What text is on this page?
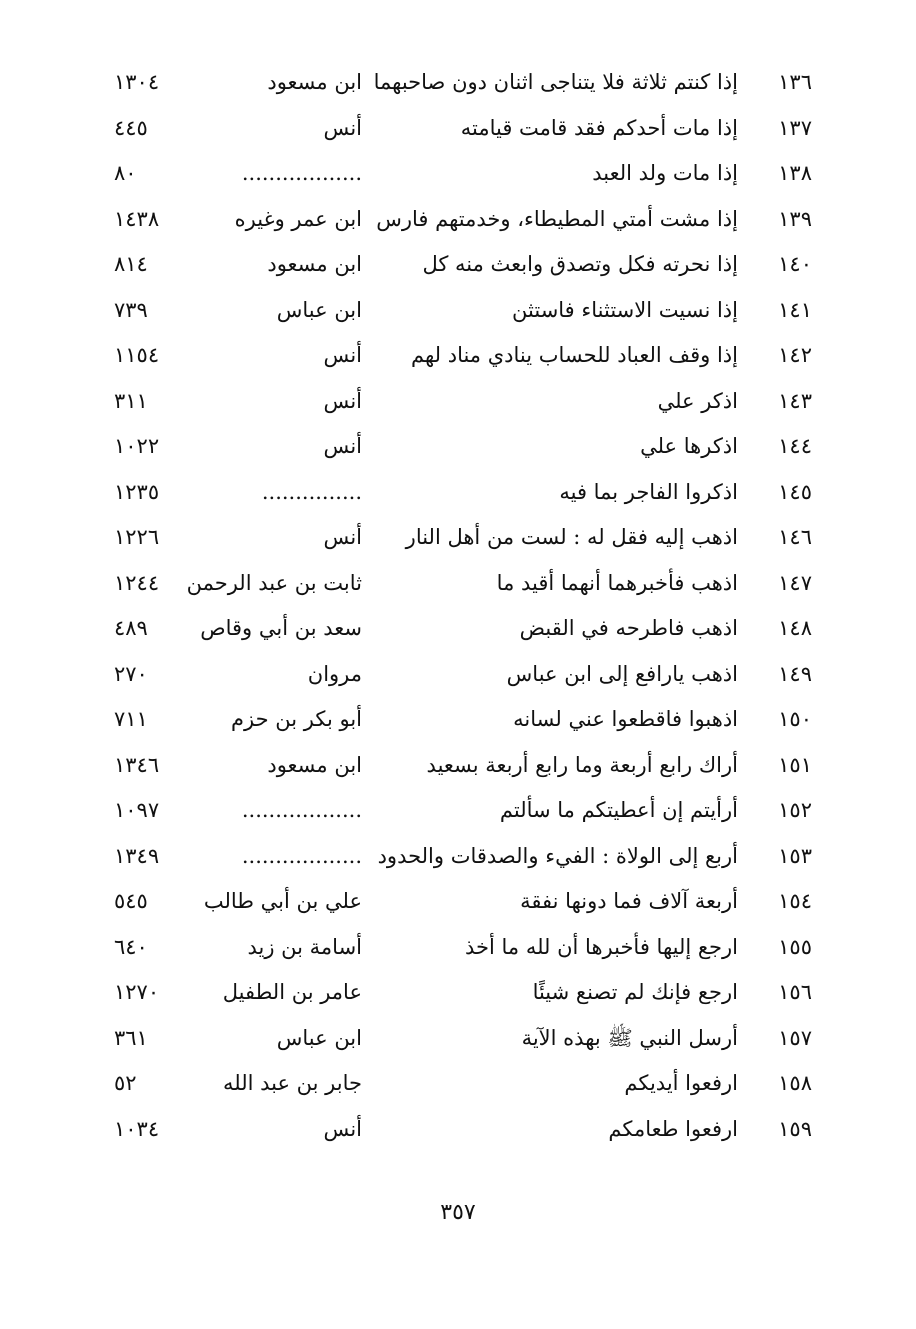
١٣٦
إذا كنتم ثلاثة فلا يتناجى اثنان دون صاحبهما
ابن مسعود
١٣٠٤
١٣٧
إذا مات أحدكم فقد قامت قيامته
أنس
٤٤٥
١٣٨
إذا مات ولد العبد
..................
٨٠
١٣٩
إذا مشت أمتي المطيطاء، وخدمتهم فارس
ابن عمر وغيره
١٤٣٨
١٤٠
إذا نحرته فكل وتصدق وابعث منه كل
ابن مسعود
٨١٤
١٤١
إذا نسيت الاستثناء فاستثن
ابن عباس
٧٣٩
١٤٢
إذا وقف العباد للحساب ينادي مناد لهم
أنس
١١٥٤
١٤٣
اذكر علي
أنس
٣١١
١٤٤
اذكرها علي
أنس
١٠٢٢
١٤٥
اذكروا الفاجر بما فيه
...............
١٢٣٥
١٤٦
اذهب إليه فقل له : لست من أهل النار
أنس
١٢٢٦
١٤٧
اذهب فأخبرهما أنهما أقيد ما
ثابت بن عبد الرحمن
١٢٤٤
١٤٨
اذهب فاطرحه في القبض
سعد بن أبي وقاص
٤٨٩
١٤٩
اذهب يارافع إلى ابن عباس
مروان
٢٧٠
١٥٠
اذهبوا فاقطعوا عني لسانه
أبو بكر بن حزم
٧١١
١٥١
أراك رابع أربعة وما رابع أربعة بسعيد
ابن مسعود
١٣٤٦
١٥٢
أرأيتم إن أعطيتكم ما سألتم
..................
١٠٩٧
١٥٣
أربع إلى الولاة : الفيء والصدقات والحدود
..................
١٣٤٩
١٥٤
أربعة آلاف فما دونها نفقة
علي بن أبي طالب
٥٤٥
١٥٥
ارجع إليها فأخبرها أن لله ما أخذ
أسامة بن زيد
٦٤٠
١٥٦
ارجع فإنك لم تصنع شيئًا
عامر بن الطفيل
١٢٧٠
١٥٧
أرسل النبي ﷺ بهذه الآية
ابن عباس
٣٦١
١٥٨
ارفعوا أيديكم
جابر بن عبد الله
٥٢
١٥٩
ارفعوا طعامكم
أنس
١٠٣٤
٣٥٧
